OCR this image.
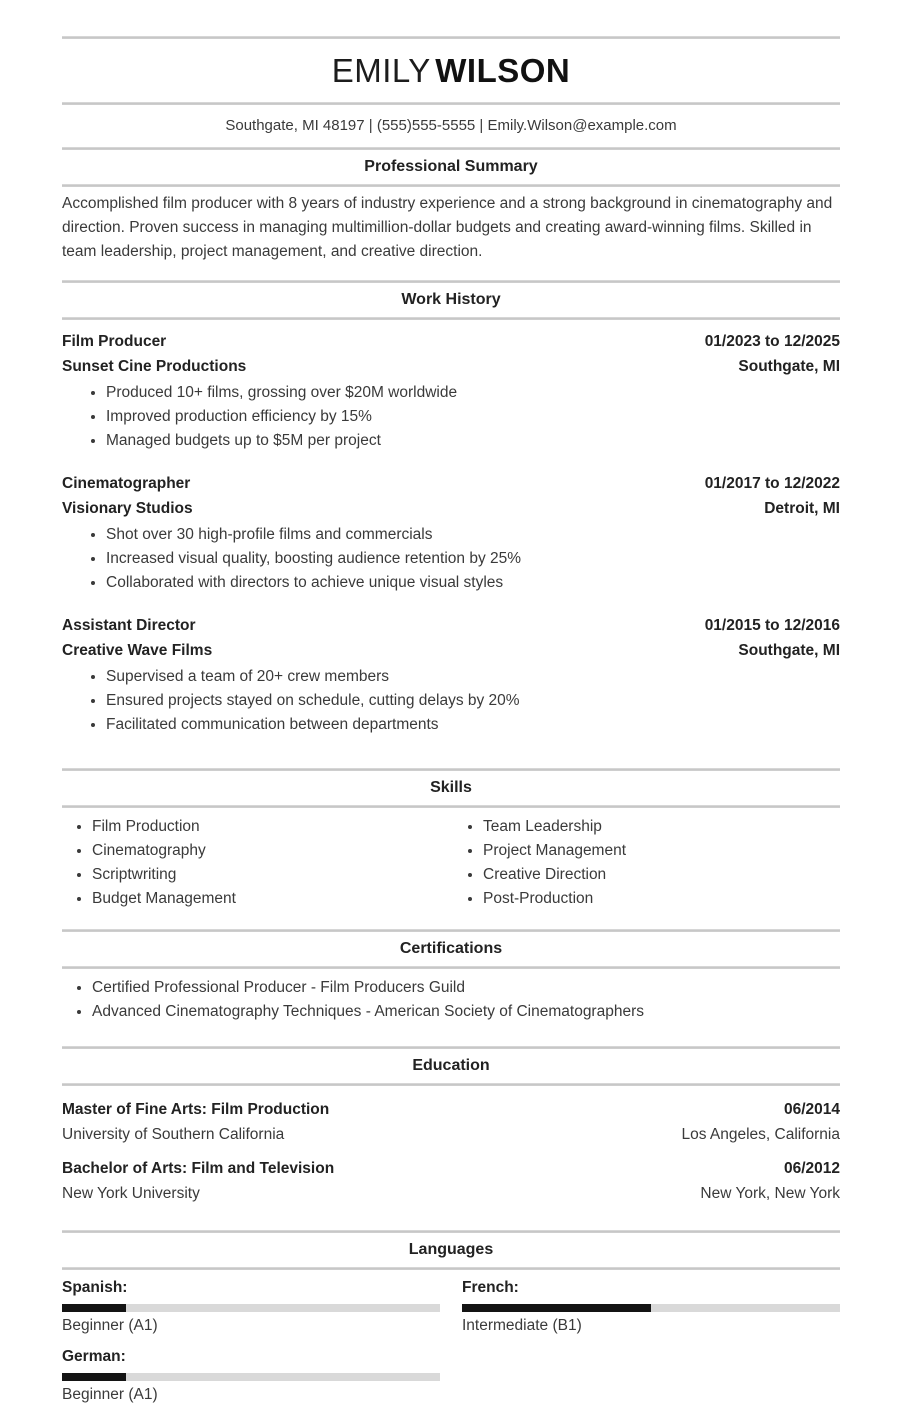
EMILY WILSON
Southgate, MI 48197 | (555)555-5555 | Emily.Wilson@example.com
Professional Summary

Accomplished film producer with 8 years of industry experience and a strong background in cinematography and direction. Proven success in managing multimillion-dollar budgets and creating award-winning films. Skilled in team leadership, project management, and creative direction.

Work History
Film Producer	01/2023 to 12/2025
Sunset Cine Productions	Southgate, MI
• Produced 10+ films, grossing over $20M worldwide
• Improved production efficiency by 15%
• Managed budgets up to $5M per project
Cinematographer	01/2017 to 12/2022
Visionary Studios	Detroit, MI
• Shot over 30 high-profile films and commercials
• Increased visual quality, boosting audience retention by 25%
• Collaborated with directors to achieve unique visual styles
Assistant Director	01/2015 to 12/2016
Creative Wave Films	Southgate, MI
• Supervised a team of 20+ crew members
• Ensured projects stayed on schedule, cutting delays by 20%
• Facilitated communication between departments
Skills
• Film Production
• Cinematography
• Scriptwriting
• Budget Management
• Team Leadership
• Project Management
• Creative Direction
• Post-Production
Certifications
• Certified Professional Producer - Film Producers Guild
• Advanced Cinematography Techniques - American Society of Cinematographers
Education
Master of Fine Arts: Film Production	06/2014
University of Southern California	Los Angeles, California
Bachelor of Arts: Film and Television	06/2012
New York University	New York, New York
Languages
Spanish:
Beginner (A1)
French:
Intermediate (B1)
German:
Beginner (A1)
